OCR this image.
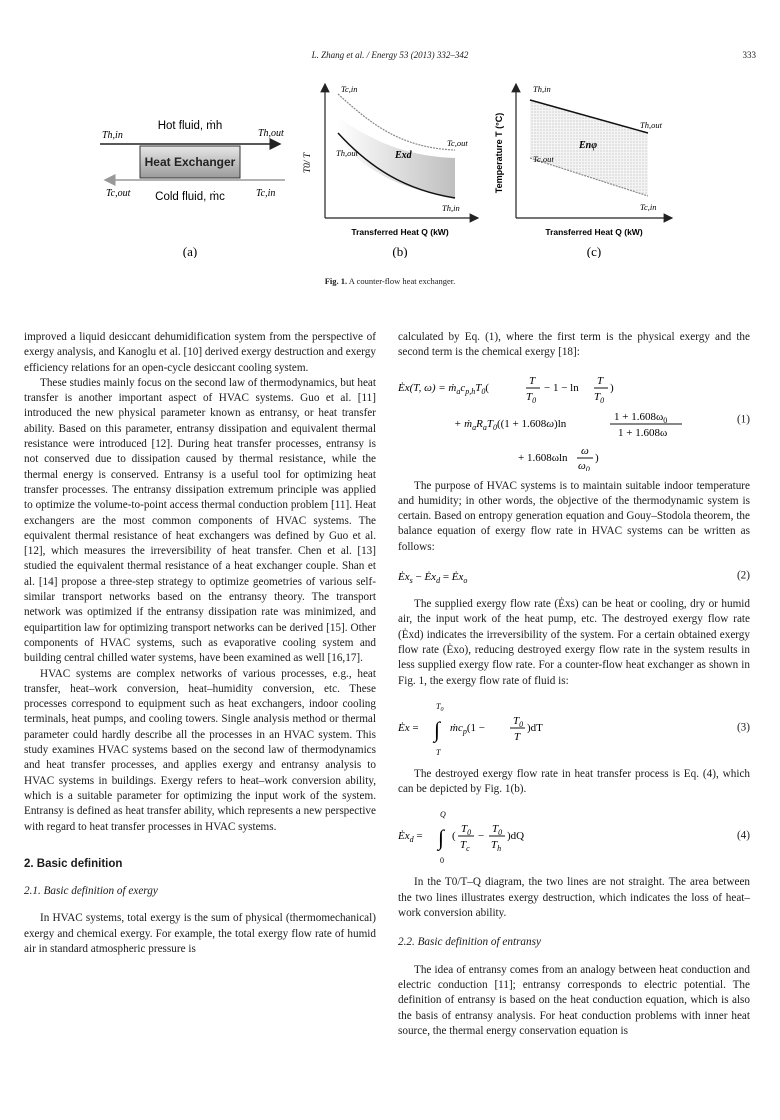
L. Zhang et al. / Energy 53 (2013) 332–342	333
Heat Exchanger
Hot fluid, ṁh
Cold fluid, ṁc
Th,in	Th,out
Tc,in
Tc,out
(a)
T0/ T
Transferred Heat Q (kW)
Tc,in
Th,out	Exd
Tc,out
Th,in
(b)
Temperature T (°C)
Transferred Heat Q (kW)
Th,in
Th,out
Enφ
Tc,out
Tc,in
(c)
Fig. 1. A counter-flow heat exchanger.

improved a liquid desiccant dehumidification system from the perspective of exergy analysis, and Kanoglu et al. [10] derived exergy destruction and exergy efficiency relations for an open-cycle desiccant cooling system.

These studies mainly focus on the second law of thermodynamics, but heat transfer is another important aspect of HVAC systems. Guo et al. [11] introduced the new physical parameter known as entransy, or heat transfer ability. Based on this parameter, entransy dissipation and equivalent thermal resistance were introduced [12]. During heat transfer processes, entransy is not conserved due to dissipation caused by thermal resistance, while the thermal energy is conserved. Entransy is a useful tool for optimizing heat transfer processes. The entransy dissipation extremum principle was applied to optimize the volume-to-point access thermal conduction problem [11]. Heat exchangers are the most common components of HVAC systems. The equivalent thermal resistance of heat exchangers was defined by Guo et al. [12], which measures the irreversibility of heat transfer. Chen et al. [13] studied the equivalent thermal resistance of a heat exchanger couple. Shan et al. [14] propose a three-step strategy to optimize geometries of various self-similar transport networks based on the entransy theory. The transport network was optimized if the entransy dissipation rate was minimized, and equipartition law for optimizing transport networks can be derived [15]. Other components of HVAC systems, such as evaporative cooling system and building central chilled water systems, have been examined as well [16,17].

HVAC systems are complex networks of various processes, e.g., heat transfer, heat–work conversion, heat–humidity conversion, etc. These processes correspond to equipment such as heat exchangers, indoor cooling terminals, heat pumps, and cooling towers. Single analysis method or thermal parameter could hardly describe all the processes in an HVAC system. This study examines HVAC systems based on the second law of thermodynamics and heat transfer processes, and applies exergy and entransy analysis to HVAC systems in buildings. Exergy refers to heat–work conversion ability, which is a suitable parameter for optimizing the input work of the system. Entransy is defined as heat transfer ability, which represents a new perspective with regard to heat transfer processes in HVAC systems.

2. Basic definition
2.1. Basic definition of exergy

In HVAC systems, total exergy is the sum of physical (thermomechanical) exergy and chemical exergy. For example, the total exergy flow rate of humid air in standard atmospheric pressure is

calculated by Eq. (1), where the first term is the physical exergy and the second term is the chemical exergy [18]:

Ėx(T, $\omega) = ṁ_ac_{p,h}T_0$(
T
$T_0$
− 1 − ln
T
$T_0$
)
+ $ṁ_aR_aT_0((1 + 1.608\omega)\ln$
$1 + 1.608\omega_0$
1 + 1.608ω
+ 1.608ωln
ω
$\omega_0$
)
(1)

The purpose of HVAC systems is to maintain suitable indoor temperature and humidity; in other words, the objective of the thermodynamic system is certain. Based on entropy generation equation and Gouy–Stodola theorem, the balance equation of exergy flow rate in HVAC systems can be written as follows:

$Ėx_s$ − $Ėx_d$ = $Ėx_o$	(2)

The supplied exergy flow rate (Ėxs) can be heat or cooling, dry or humid air, the input work of the heat pump, etc. The destroyed exergy flow rate (Ėxd) indicates the irreversibility of the system. For a certain obtained exergy flow rate (Ėxo), reducing destroyed exergy flow rate in the system results in less supplied exergy flow rate. For a counter-flow heat exchanger as shown in Fig. 1, the exergy flow rate of fluid is:

Ėx =
$T_0$
∫
T
ṁc$_p$(1 −
$T_0$
T
)dT	(3)

The destroyed exergy flow rate in heat transfer process is Eq. (4), which can be depicted by Fig. 1(b).

$Ėx_d$ =
Q
∫
0
(
$T_0$
$T_c$
−
$T_0$
$T_h$
)dQ	(4)

In the T0/T–Q diagram, the two lines are not straight. The area between the two lines illustrates exergy destruction, which indicates the loss of heat–work conversion ability.

2.2. Basic definition of entransy

The idea of entransy comes from an analogy between heat conduction and electric conduction [11]; entransy corresponds to electric potential. The definition of entransy is based on the heat conduction equation, which is also the basis of entransy analysis. For heat conduction problems with inner heat source, the thermal energy conservation equation is
